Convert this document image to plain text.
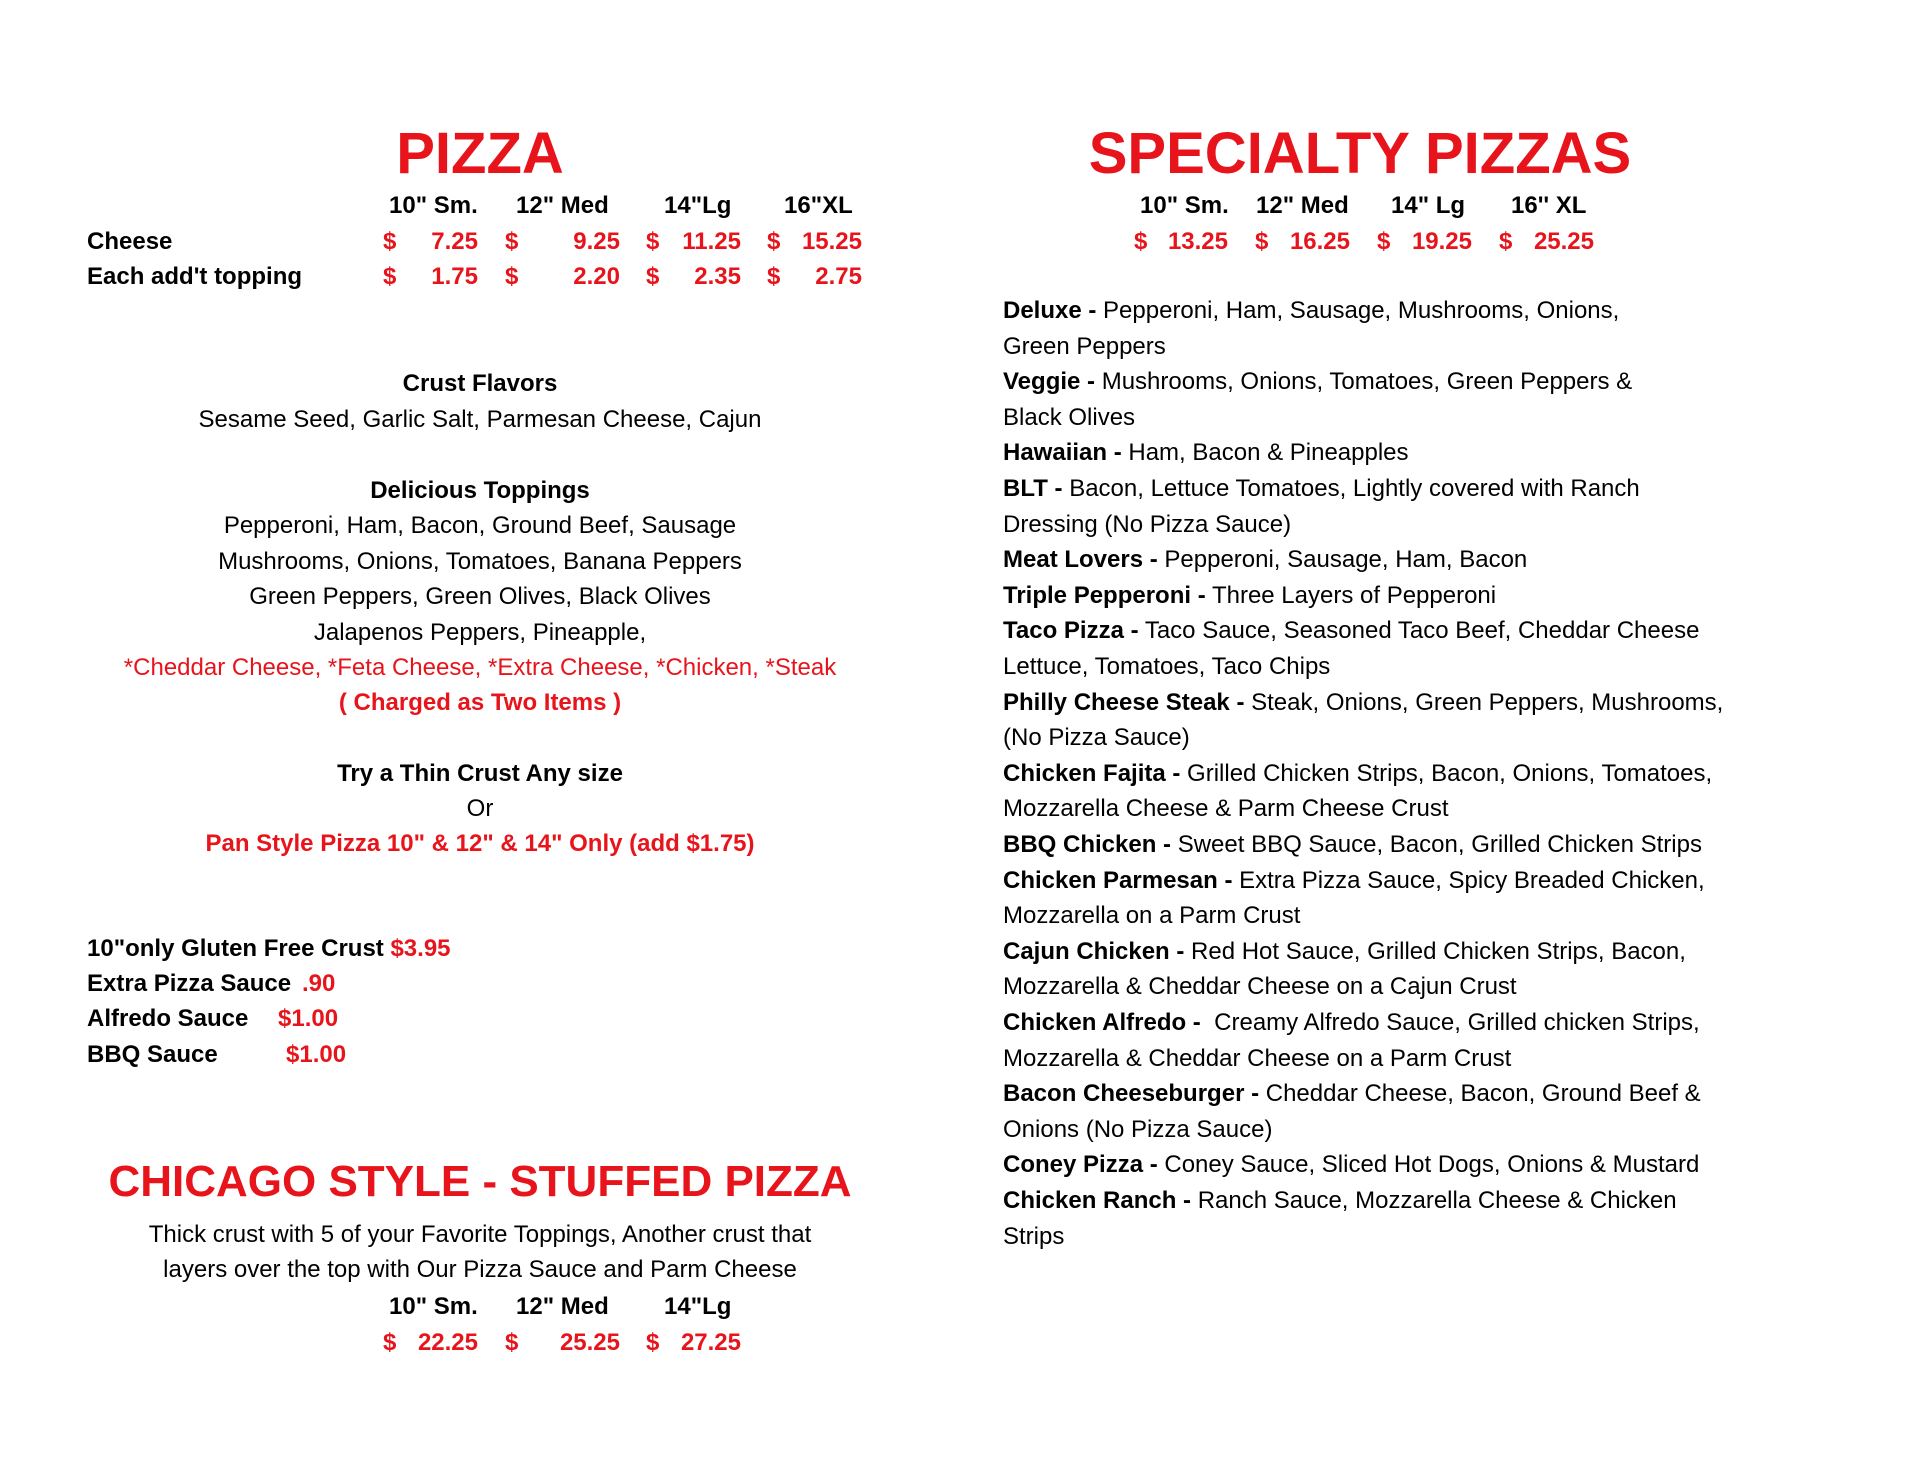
PIZZA
10" Sm. 12" Med 14"Lg 16"XL
Cheese	$	7.25 $	9.25 $ 11.25 $ 15.25
Each add't topping	$	1.75 $	2.20 $	2.35 $	2.75
Crust Flavors
Sesame Seed, Garlic Salt, Parmesan Cheese, Cajun
Delicious Toppings
Pepperoni, Ham, Bacon, Ground Beef, Sausage
Mushrooms, Onions, Tomatoes, Banana Peppers
Green Peppers, Green Olives, Black Olives
Jalapenos Peppers, Pineapple,
*Cheddar Cheese, *Feta Cheese, *Extra Cheese, *Chicken, *Steak
( Charged as Two Items )
Try a Thin Crust Any size
Or
Pan Style Pizza 10" & 12" & 14" Only (add $1.75)
10"only Gluten Free Crust $3.95
Extra Pizza Sauce .90
Alfredo Sauce $1.00
BBQ Sauce	$1.00
CHICAGO STYLE - STUFFED PIZZA
Thick crust with 5 of your Favorite Toppings, Another crust that
layers over the top with Our Pizza Sauce and Parm Cheese
10" Sm. 12" Med 14"Lg
$ 22.25 $	25.25 $ 27.25
SPECIALTY PIZZAS
10" Sm. 12" Med 14" Lg 16'' XL
$ 13.25 $ 16.25 $ 19.25 $ 25.25
Deluxe - Pepperoni, Ham, Sausage, Mushrooms, Onions,
Green Peppers
Veggie - Mushrooms, Onions, Tomatoes, Green Peppers &
Black Olives
Hawaiian - Ham, Bacon & Pineapples
BLT - Bacon, Lettuce Tomatoes, Lightly covered with Ranch
Dressing (No Pizza Sauce)
Meat Lovers - Pepperoni, Sausage, Ham, Bacon
Triple Pepperoni - Three Layers of Pepperoni
Taco Pizza - Taco Sauce, Seasoned Taco Beef, Cheddar Cheese
Lettuce, Tomatoes, Taco Chips
Philly Cheese Steak - Steak, Onions, Green Peppers, Mushrooms,
(No Pizza Sauce)
Chicken Fajita - Grilled Chicken Strips, Bacon, Onions, Tomatoes,
Mozzarella Cheese & Parm Cheese Crust
BBQ Chicken - Sweet BBQ Sauce, Bacon, Grilled Chicken Strips
Chicken Parmesan - Extra Pizza Sauce, Spicy Breaded Chicken,
Mozzarella on a Parm Crust
Cajun Chicken - Red Hot Sauce, Grilled Chicken Strips, Bacon,
Mozzarella & Cheddar Cheese on a Cajun Crust
Chicken Alfredo -  Creamy Alfredo Sauce, Grilled chicken Strips,
Mozzarella & Cheddar Cheese on a Parm Crust
Bacon Cheeseburger - Cheddar Cheese, Bacon, Ground Beef &
Onions (No Pizza Sauce)
Coney Pizza - Coney Sauce, Sliced Hot Dogs, Onions & Mustard
Chicken Ranch - Ranch Sauce, Mozzarella Cheese & Chicken
Strips
